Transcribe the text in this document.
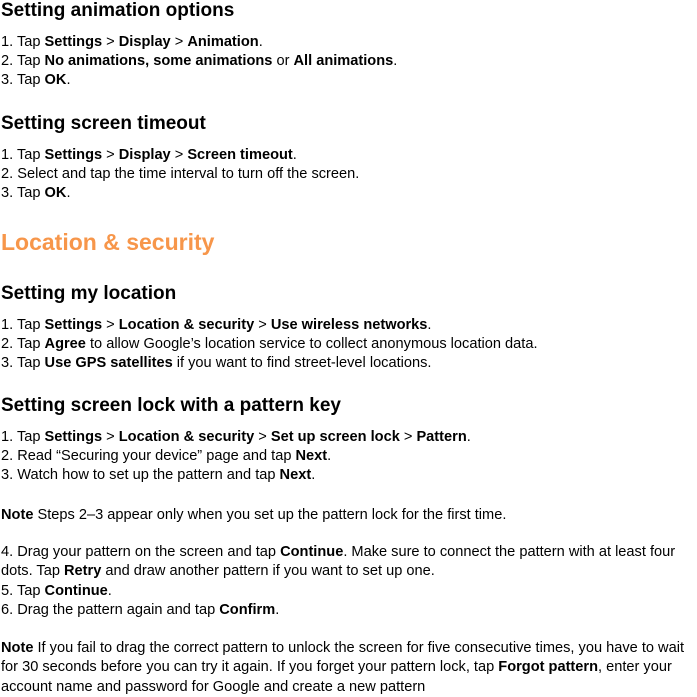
Setting animation options

1. Tap Settings > Display > Animation.

2. Tap No animations, some animations or All animations.

3. Tap OK.

Setting screen timeout

1. Tap Settings > Display > Screen timeout.

2. Select and tap the time interval to turn off the screen.

3. Tap OK.

Location & security
Setting my location

1. Tap Settings > Location & security > Use wireless networks.

2. Tap Agree to allow Google’s location service to collect anonymous location data.

3. Tap Use GPS satellites if you want to find street-level locations.

Setting screen lock with a pattern key

1. Tap Settings > Location & security > Set up screen lock > Pattern.

2. Read “Securing your device” page and tap Next.

3. Watch how to set up the pattern and tap Next.

Note Steps 2–3 appear only when you set up the pattern lock for the first time.

4. Drag your pattern on the screen and tap Continue. Make sure to connect the pattern with at least four dots. Tap Retry and draw another pattern if you want to set up one.

5. Tap Continue.

6. Drag the pattern again and tap Confirm.

Note If you fail to drag the correct pattern to unlock the screen for five consecutive times, you have to wait for 30 seconds before you can try it again. If you forget your pattern lock, tap Forgot pattern, enter your account name and password for Google and create a new pattern
